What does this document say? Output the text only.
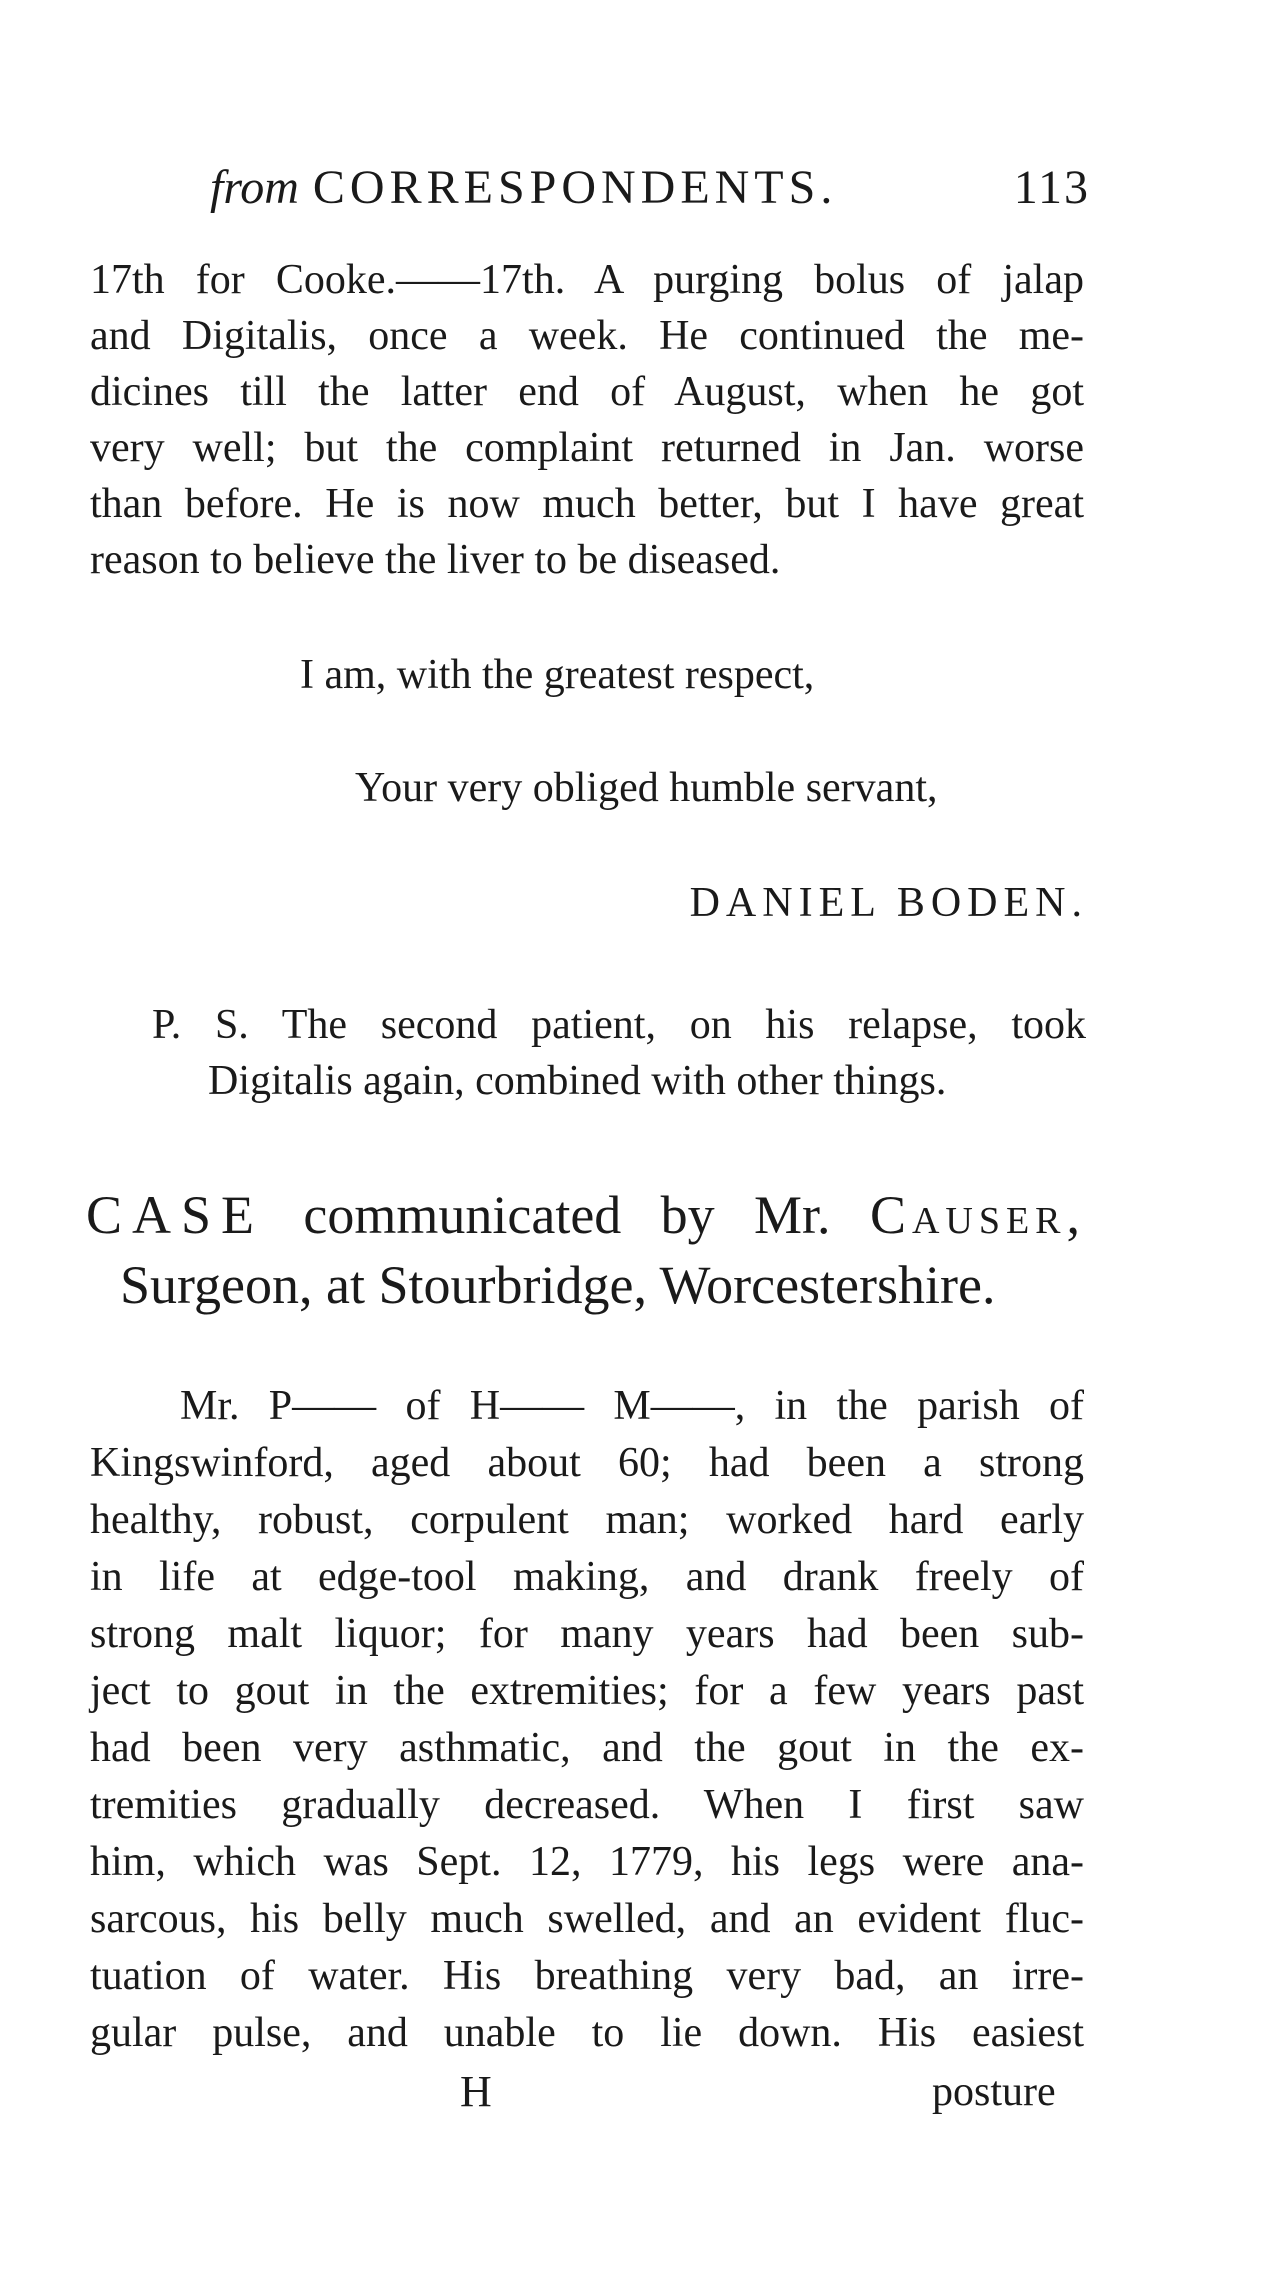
from CORRESPONDENTS.	113
17th for Cooke.——17th. A purging bolus of jalap
and Digitalis, once a week. He continued the me-
dicines till the latter end of August, when he got
very well; but the complaint returned in Jan. worse
than before. He is now much better, but I have great
reason to believe the liver to be diseased.
I am, with the greatest respect,
Your very obliged humble servant,
DANIEL BODEN.
P. S. The second patient, on his relapse, took
Digitalis again, combined with other things.
CASE communicated by Mr. Causer,
Surgeon, at Stourbridge, Worcestershire.
Mr. P—— of H—— M——, in the parish of
Kingswinford, aged about 60; had been a strong
healthy, robust, corpulent man; worked hard early
in life at edge-tool making, and drank freely of
strong malt liquor; for many years had been sub-
ject to gout in the extremities; for a few years past
had been very asthmatic, and the gout in the ex-
tremities gradually decreased. When I first saw
him, which was Sept. 12, 1779, his legs were ana-
sarcous, his belly much swelled, and an evident fluc-
tuation of water. His breathing very bad, an irre-
gular pulse, and unable to lie down. His easiest
H	posture
